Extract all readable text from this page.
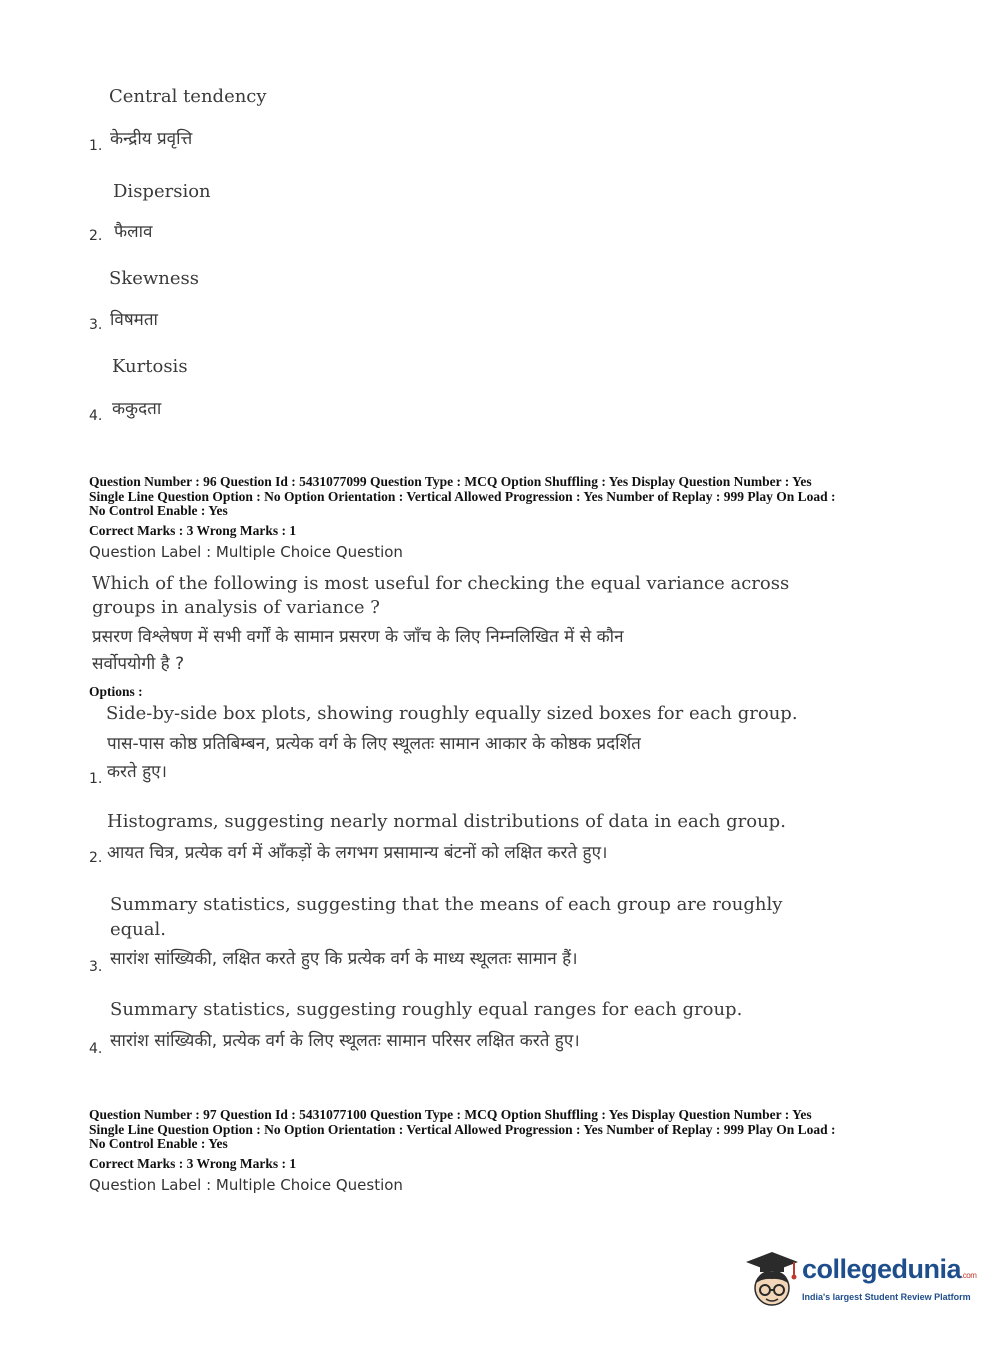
Central tendency
1. केन्द्रीय प्रवृत्ति
Dispersion
2. फैलाव
Skewness
3. विषमता
Kurtosis
4. ककुदता
Question Number : 96 Question Id : 5431077099 Question Type : MCQ Option Shuffling : Yes Display Question Number : Yes
Single Line Question Option : No Option Orientation : Vertical Allowed Progression : Yes Number of Replay : 999 Play On Load :
No Control Enable : Yes
Correct Marks : 3 Wrong Marks : 1
Question Label : Multiple Choice Question
Which of the following is most useful for checking the equal variance across
groups in analysis of variance ?
प्रसरण विश्लेषण में सभी वर्गों के सामान प्रसरण के जाँच के लिए निम्नलिखित में से कौन
सर्वोपयोगी है ?
Options :
Side-by-side box plots, showing roughly equally sized boxes for each group.
पास-पास कोष्ठ प्रतिबिम्बन, प्रत्येक वर्ग के लिए स्थूलतः सामान आकार के कोष्ठक प्रदर्शित
करते हुए।
1.
Histograms, suggesting nearly normal distributions of data in each group.
2. आयत चित्र, प्रत्येक वर्ग में आँकड़ों के लगभग प्रसामान्य बंटनों को लक्षित करते हुए।
Summary statistics, suggesting that the means of each group are roughly
equal.
3. सारांश सांख्यिकी, लक्षित करते हुए कि प्रत्येक वर्ग के माध्य स्थूलतः सामान हैं।
Summary statistics, suggesting roughly equal ranges for each group.
4. सारांश सांख्यिकी, प्रत्येक वर्ग के लिए स्थूलतः सामान परिसर लक्षित करते हुए।
Question Number : 97 Question Id : 5431077100 Question Type : MCQ Option Shuffling : Yes Display Question Number : Yes
Single Line Question Option : No Option Orientation : Vertical Allowed Progression : Yes Number of Replay : 999 Play On Load :
No Control Enable : Yes
Correct Marks : 3 Wrong Marks : 1
Question Label : Multiple Choice Question
collegedunia.com
India's largest Student Review Platform
